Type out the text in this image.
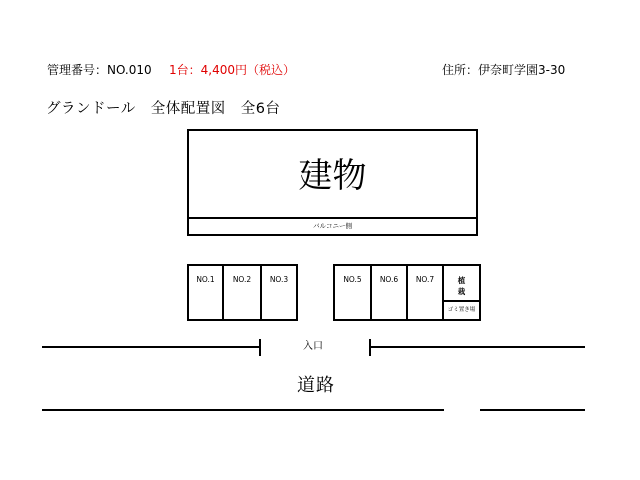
管理番号：NO.010 1台：4,400円（税込）	住所：伊奈町学園3-30
グランドール　全体配置図　全6台
建物
バルコニー側
NO.1	NO.2	NO.3	NO.5	NO.6	NO.7	植
栽
ゴミ置き場
入口
道路
